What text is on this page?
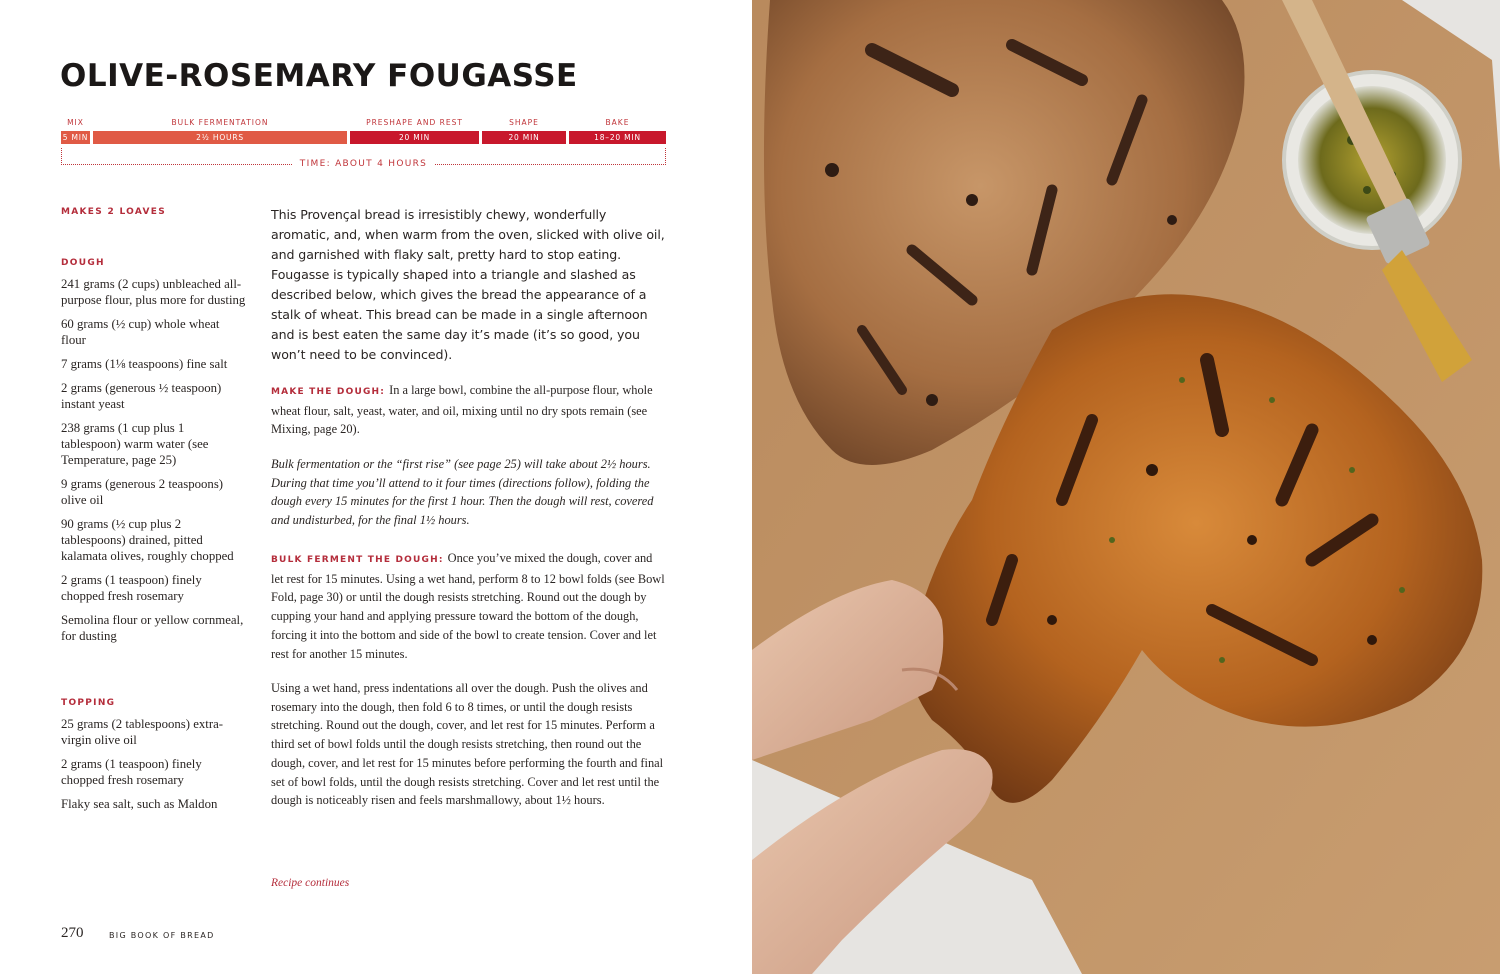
OLIVE-ROSEMARY FOUGASSE
MIX
5 MIN
BULK FERMENTATION
2½ HOURS
PRESHAPE AND REST
20 MIN
SHAPE
20 MIN
BAKE
18–20 MIN
TIME: ABOUT 4 HOURS
MAKES 2 LOAVES
DOUGH
241 grams (2 cups) unbleached all-purpose flour, plus more for dusting
60 grams (½ cup) whole wheat flour
7 grams (1⅛ teaspoons) fine salt
2 grams (generous ½ teaspoon) instant yeast
238 grams (1 cup plus 1 tablespoon) warm water (see Temperature, page 25)
9 grams (generous 2 teaspoons) olive oil
90 grams (½ cup plus 2 tablespoons) drained, pitted kalamata olives, roughly chopped
2 grams (1 teaspoon) finely chopped fresh rosemary
Semolina flour or yellow cornmeal, for dusting
TOPPING
25 grams (2 tablespoons) extra-virgin olive oil
2 grams (1 teaspoon) finely chopped fresh rosemary
Flaky sea salt, such as Maldon

This Provençal bread is irresistibly chewy, wonderfully aromatic, and, when warm from the oven, slicked with olive oil, and garnished with flaky salt, pretty hard to stop eating. Fougasse is typically shaped into a triangle and slashed as described below, which gives the bread the appearance of a stalk of wheat. This bread can be made in a single afternoon and is best eaten the same day it’s made (it’s so good, you won’t need to be convinced).

MAKE THE DOUGH: In a large bowl, combine the all-purpose flour, whole wheat flour, salt, yeast, water, and oil, mixing until no dry spots remain (see Mixing, page 20).

Bulk fermentation or the “first rise” (see page 25) will take about 2½ hours. During that time you’ll attend to it four times (directions follow), folding the dough every 15 minutes for the first 1 hour. Then the dough will rest, covered and undisturbed, for the final 1½ hours.

BULK FERMENT THE DOUGH: Once you’ve mixed the dough, cover and let rest for 15 minutes. Using a wet hand, perform 8 to 12 bowl folds (see Bowl Fold, page 30) or until the dough resists stretching. Round out the dough by cupping your hand and applying pressure toward the bottom of the dough, forcing it into the bottom and side of the bowl to create tension. Cover and let rest for another 15 minutes.

Using a wet hand, press indentations all over the dough. Push the olives and rosemary into the dough, then fold 6 to 8 times, or until the dough resists stretching. Round out the dough, cover, and let rest for 15 minutes. Perform a third set of bowl folds until the dough resists stretching, then round out the dough, cover, and let rest for 15 minutes before performing the fourth and final set of bowl folds, until the dough resists stretching. Cover and let rest until the dough is noticeably risen and feels marshmallowy, about 1½ hours.

Recipe continues
270	BIG BOOK OF BREAD
